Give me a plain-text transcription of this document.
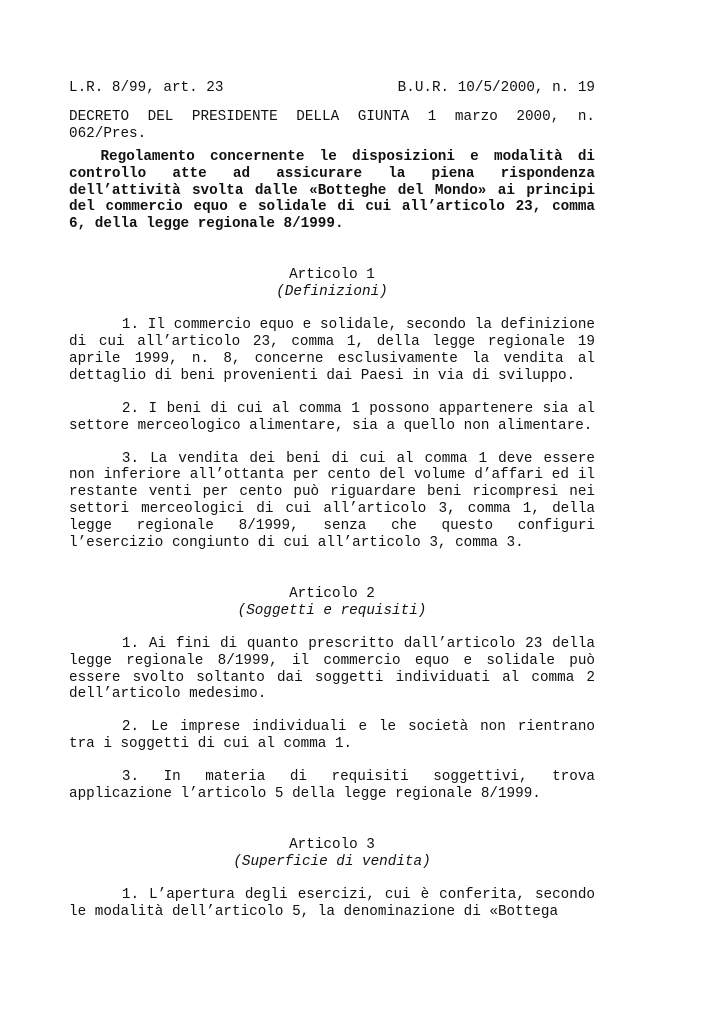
L.R. 8/99, art. 23	B.U.R. 10/5/2000, n. 19

DECRETO DEL PRESIDENTE DELLA GIUNTA 1 marzo 2000, n.

062/Pres.

Regolamento concernente le disposizioni e modalità di controllo atte ad assicurare la piena rispondenza dell’attività svolta dalle «Botteghe del Mondo» ai principi del commercio equo e solidale di cui all’articolo 23, comma 6, della legge regionale 8/1999.

Articolo 1

(Definizioni)

1. Il commercio equo e solidale, secondo la definizione di cui all’articolo 23, comma 1, della legge regionale 19 aprile 1999, n. 8, concerne esclusivamente la vendita al dettaglio di beni provenienti dai Paesi in via di sviluppo.

2. I beni di cui al comma 1 possono appartenere sia al settore merceologico alimentare, sia a quello non alimentare.

3. La vendita dei beni di cui al comma 1 deve essere non inferiore all’ottanta per cento del volume d’affari ed il restante venti per cento può riguardare beni ricompresi nei settori merceologici di cui all’articolo 3, comma 1, della legge regionale 8/1999, senza che questo configuri l’esercizio congiunto di cui all’articolo 3, comma 3.

Articolo 2

(Soggetti e requisiti)

1. Ai fini di quanto prescritto dall’articolo 23 della legge regionale 8/1999, il commercio equo e solidale può essere svolto soltanto dai soggetti individuati al comma 2 dell’articolo medesimo.

2. Le imprese individuali e le società non rientrano tra i soggetti di cui al comma 1.

3. In materia di requisiti soggettivi, trova applicazione l’articolo 5 della legge regionale 8/1999.

Articolo 3

(Superficie di vendita)

1. L’apertura degli esercizi, cui è conferita, secondo le modalità dell’articolo 5, la denominazione di «Bottega
